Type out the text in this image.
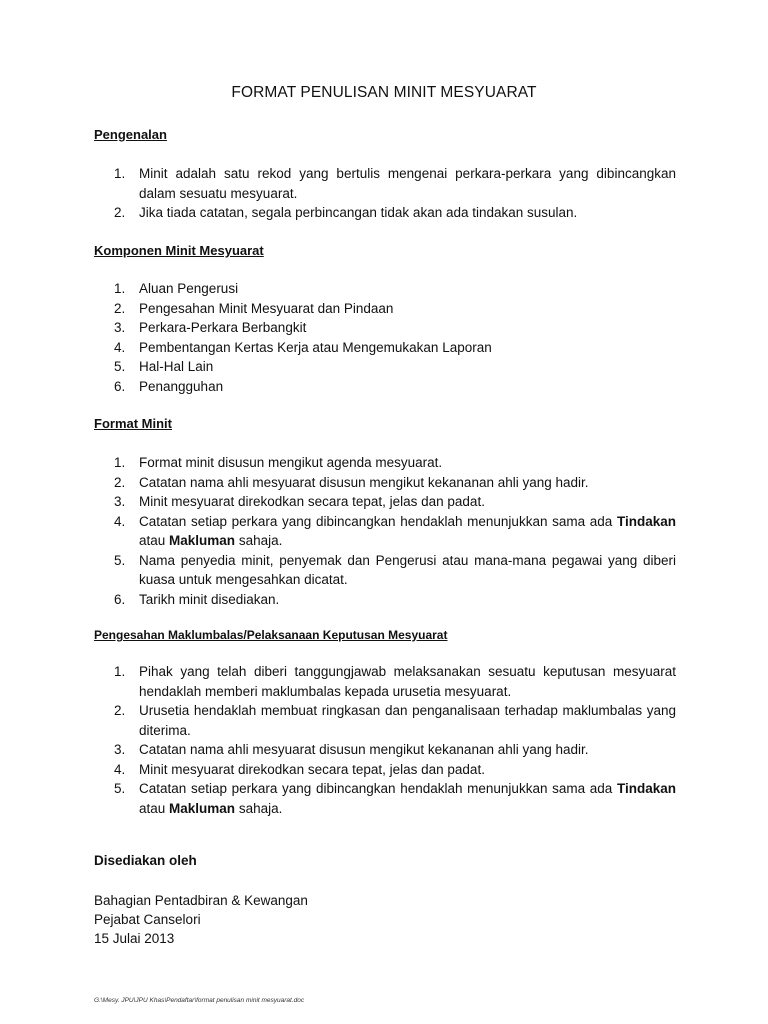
FORMAT PENULISAN MINIT MESYUARAT
Pengenalan
1. Minit adalah satu rekod yang bertulis mengenai perkara-perkara yang dibincangkan dalam sesuatu mesyuarat.
2. Jika tiada catatan, segala perbincangan tidak akan ada tindakan susulan.
Komponen Minit Mesyuarat
1. Aluan Pengerusi
2. Pengesahan Minit Mesyuarat dan Pindaan
3. Perkara-Perkara Berbangkit
4. Pembentangan Kertas Kerja atau Mengemukakan Laporan
5. Hal-Hal Lain
6. Penangguhan
Format Minit
1. Format minit disusun mengikut agenda mesyuarat.
2. Catatan nama ahli mesyuarat disusun mengikut kekananan ahli yang hadir.
3. Minit mesyuarat direkodkan secara tepat, jelas dan padat.
4. Catatan setiap perkara yang dibincangkan hendaklah menunjukkan sama ada Tindakan atau Makluman sahaja.
5. Nama penyedia minit, penyemak dan Pengerusi atau mana-mana pegawai yang diberi kuasa untuk mengesahkan dicatat.
6. Tarikh minit disediakan.
Pengesahan Maklumbalas/Pelaksanaan Keputusan Mesyuarat
1. Pihak yang telah diberi tanggungjawab melaksanakan sesuatu keputusan mesyuarat hendaklah memberi maklumbalas kepada urusetia mesyuarat.
2. Urusetia hendaklah membuat ringkasan dan penganalisaan terhadap maklumbalas yang diterima.
3. Catatan nama ahli mesyuarat disusun mengikut kekananan ahli yang hadir.
4. Minit mesyuarat direkodkan secara tepat, jelas dan padat.
5. Catatan setiap perkara yang dibincangkan hendaklah menunjukkan sama ada Tindakan atau Makluman sahaja.
Disediakan oleh
Bahagian Pentadbiran & Kewangan
Pejabat Canselori
15 Julai 2013
G:\Mesy. JPU\JPU Khas\Pendaftar\format penulisan minit mesyuarat.doc
